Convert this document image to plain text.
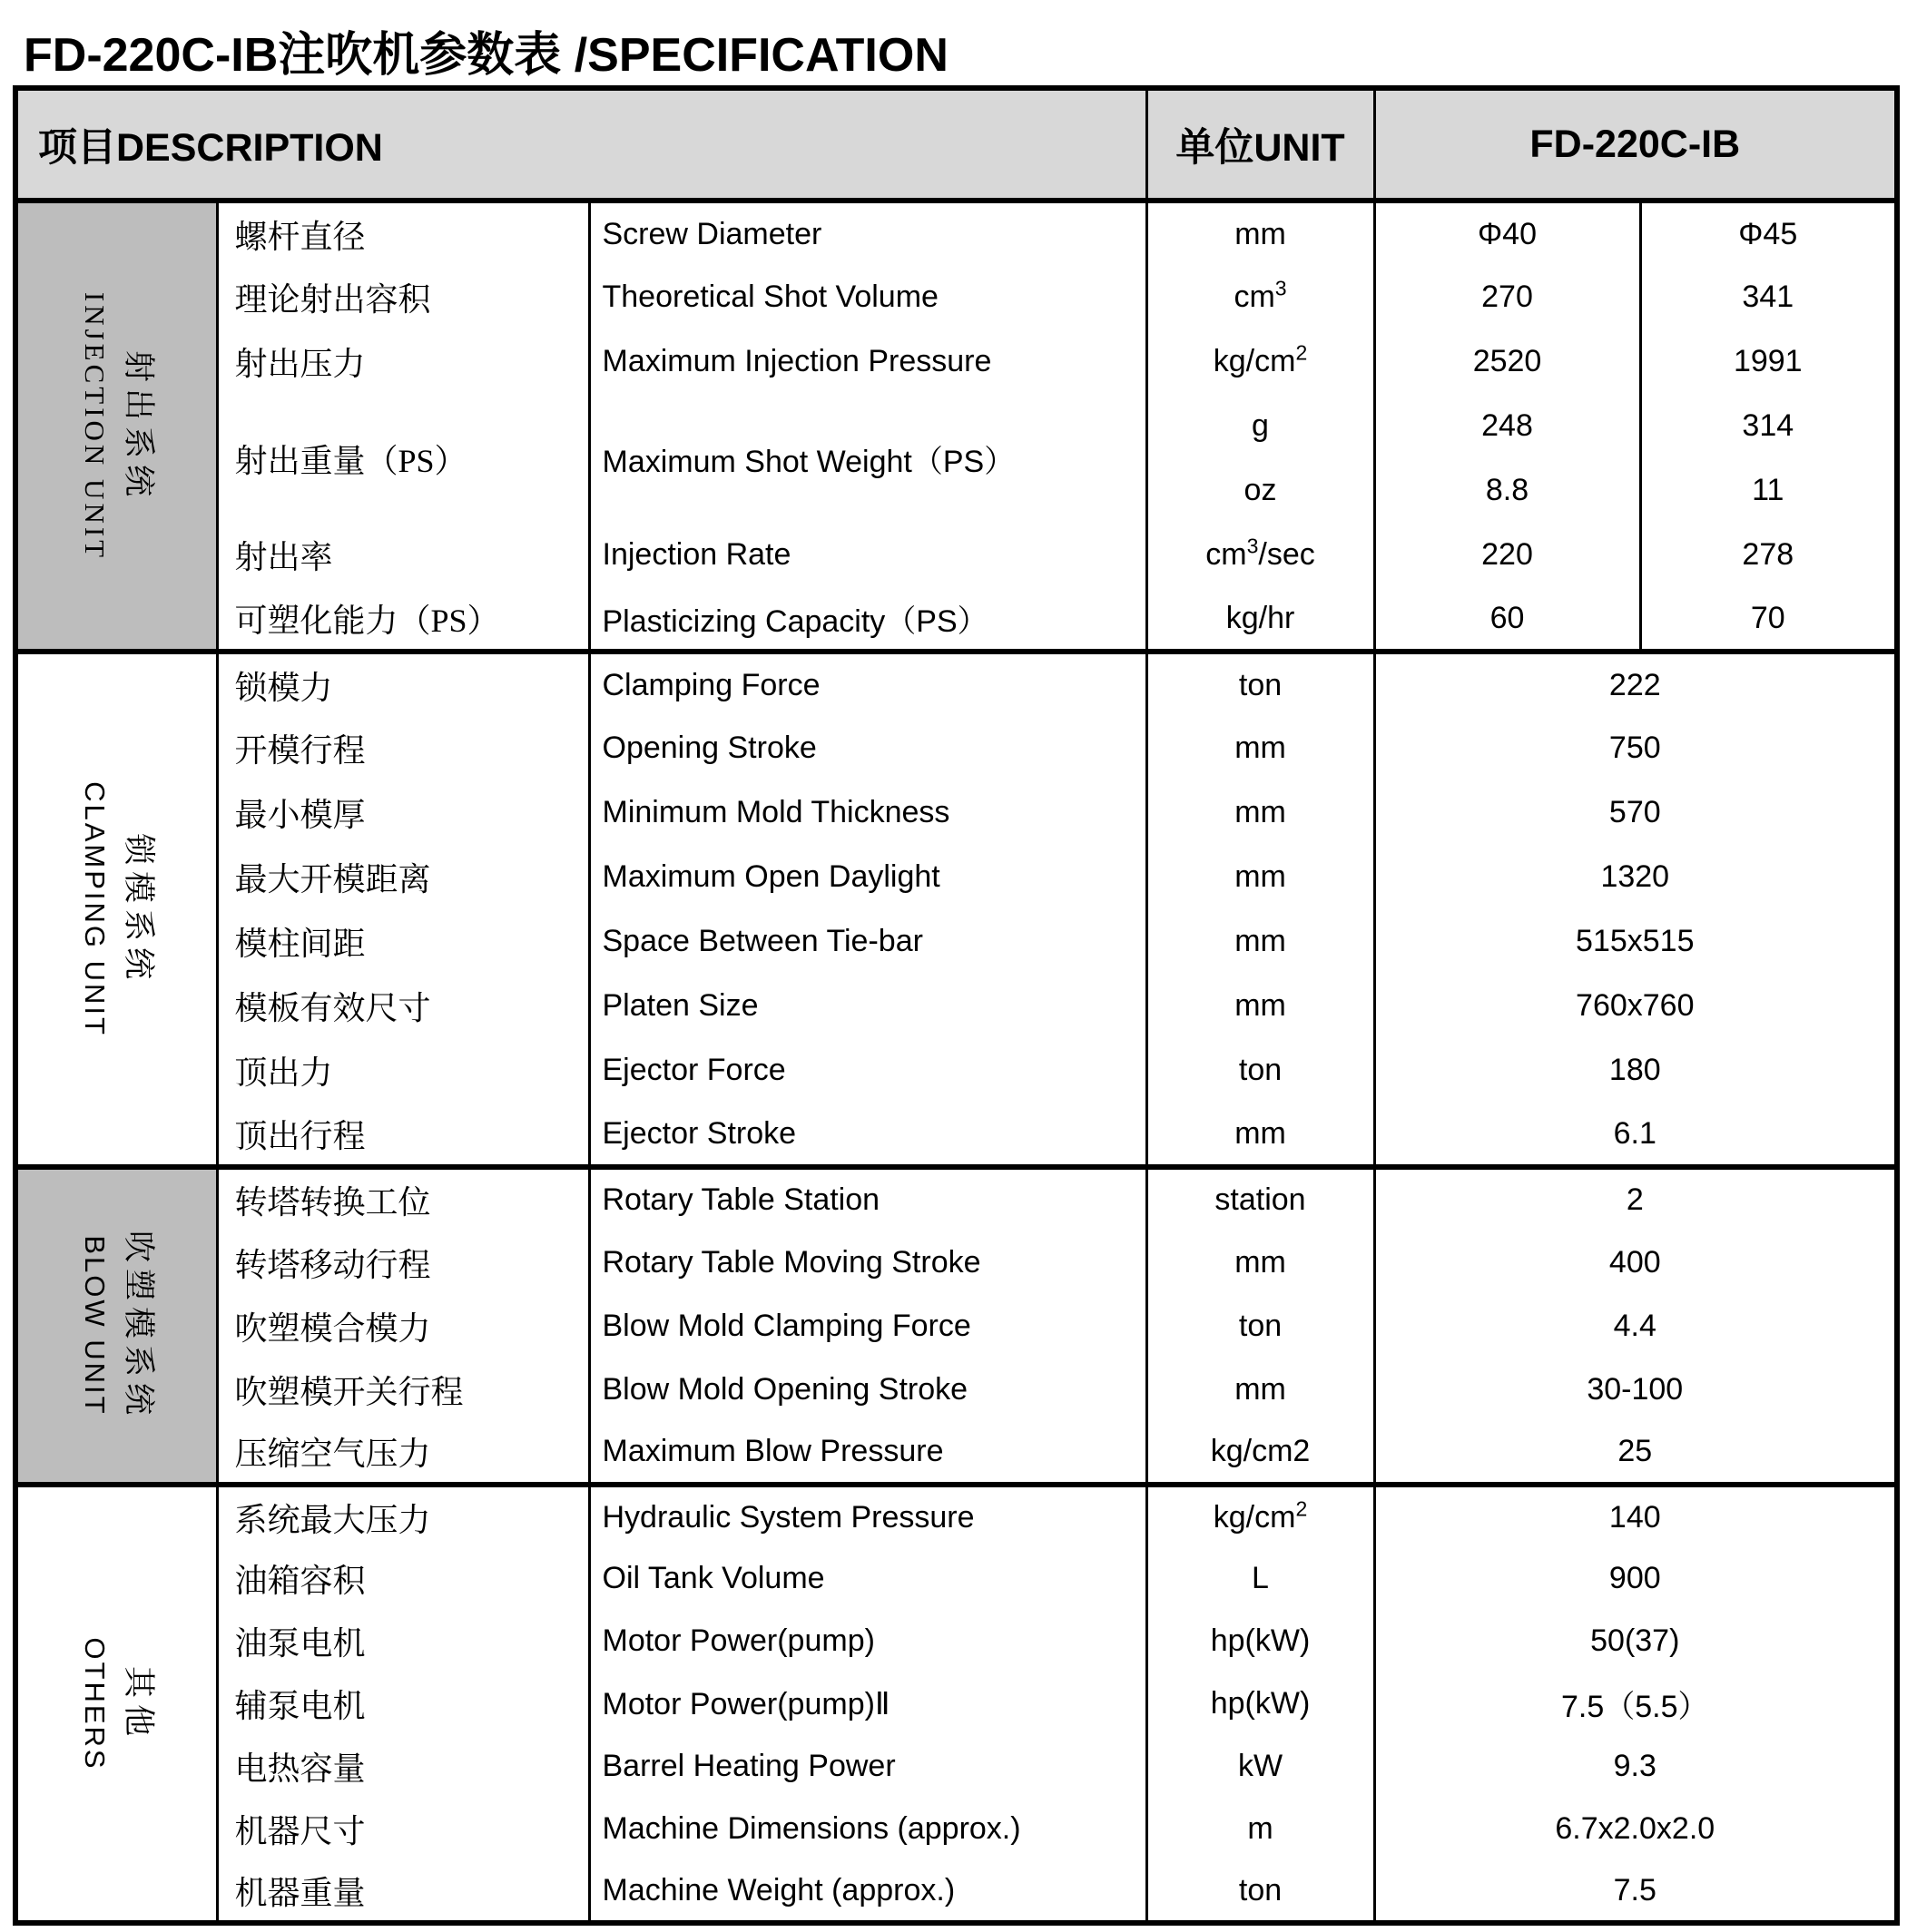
FD-220C-IB注吹机参数表 /SPECIFICATION
项目DESCRIPTION			单位UNIT	FD-220C-IB	

射出系统
INJECTION UNIT	螺杆直径	Screw Diameter	mm	Φ40	Φ45
	理论射出容积	Theoretical Shot Volume	$cm^3$	270	341
	射出压力	Maximum Injection Pressure	$kg/cm^2$	2520	1991
	射出重量（PS）	Maximum Shot Weight（PS）	g	248	314
			oz	8.8	11
	射出率	Injection Rate	$cm^3/\sec$	220	278
	可塑化能力（PS）	Plasticizing Capacity（PS）	kg/hr	60	70

锁模系统
CLAMPING UNIT	锁模力	Clamping Force	ton	222	
	开模行程	Opening Stroke	mm	750	
	最小模厚	Minimum Mold Thickness	mm	570	
	最大开模距离	Maximum Open Daylight	mm	1320	
	模柱间距	Space Between Tie-bar	mm	515x515	
	模板有效尺寸	Platen Size	mm	760x760	
	顶出力	Ejector Force	ton	180	
	顶出行程	Ejector Stroke	mm	6.1	

吹塑模系统
BLOW UNIT	转塔转换工位	Rotary Table Station	station	2	
	转塔移动行程	Rotary Table Moving Stroke	mm	400	
	吹塑模合模力	Blow Mold Clamping Force	ton	4.4	
	吹塑模开关行程	Blow Mold Opening Stroke	mm	30-100	
	压缩空气压力	Maximum Blow Pressure	kg/cm2	25	

其他
OTHERS	系统最大压力	Hydraulic System Pressure	$kg/cm^2$	140	
	油箱容积	Oil Tank Volume	L	900	
	油泵电机	Motor Power(pump)	hp(kW)	50(37)	
	辅泵电机	Motor Power(pump)Ⅱ	hp(kW)	7.5（5.5）	
	电热容量	Barrel Heating Power	kW	9.3	
	机器尺寸	Machine Dimensions (approx.)	m	6.7x2.0x2.0	
	机器重量	Machine Weight (approx.)	ton	7.5	
